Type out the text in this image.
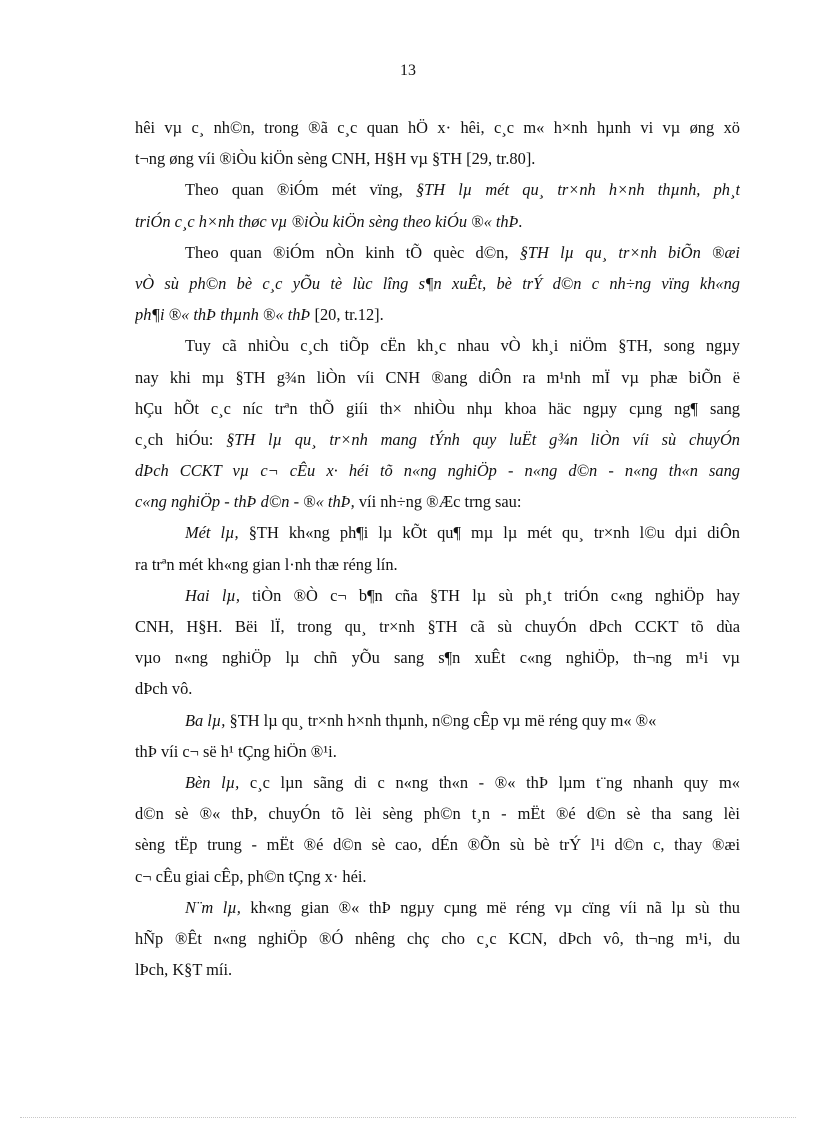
13
hêi vµ c¸ nh©n, trong ®ã c¸c quan hÖ x· hêi, c¸c m« h×nh hµnh vi vµ øng xö
t¬ng øng víi ®iÒu kiÖn sèng CNH, H§H vµ §TH [29, tr.80].
Theo quan ®iÓm mét vïng, §TH lµ mét qu¸ tr×nh h×nh thµnh, ph¸t
triÓn c¸c h×nh thøc vµ ®iÒu kiÖn sèng theo kiÓu ®« thÞ.
Theo quan ®iÓm nÒn kinh tÕ quèc d©n, §TH lµ qu¸ tr×nh biÕn ®æi
vÒ sù ph©n bè c¸c yÕu tè lùc lîng s¶n xuÊt, bè trÝ d©n c nh÷ng vïng kh«ng
ph¶i ®« thÞ thµnh ®« thÞ [20, tr.12].
Tuy cã nhiÒu c¸ch tiÕp cËn kh¸c nhau vÒ kh¸i niÖm §TH, song ngµy
nay khi mµ §TH g¾n liÒn víi CNH ®ang diÔn ra m¹nh mÏ vµ phæ biÕn ë
hÇu hÕt c¸c níc trªn thÕ giíi th× nhiÒu nhµ khoa häc ngµy cµng ng¶ sang
c¸ch hiÓu: §TH lµ qu¸ tr×nh mang tÝnh quy luËt g¾n liÒn víi sù chuyÓn
dÞch CCKT vµ c¬ cÊu x· héi tõ n«ng nghiÖp - n«ng d©n - n«ng th«n sang
c«ng nghiÖp - thÞ d©n - ®« thÞ, víi nh÷ng ®Æc trng sau:
Mét lµ, §TH kh«ng ph¶i lµ kÕt qu¶ mµ lµ mét qu¸ tr×nh l©u dµi diÔn
ra trªn mét kh«ng gian l·nh thæ réng lín.
Hai lµ, tiÒn ®Ò c¬ b¶n cña §TH lµ sù ph¸t triÓn c«ng nghiÖp hay
CNH, H§H. Bëi lÏ, trong qu¸ tr×nh §TH cã sù chuyÓn dÞch CCKT tõ dùa
vµo n«ng nghiÖp lµ chñ yÕu sang s¶n xuÊt c«ng nghiÖp, th¬ng m¹i vµ
dÞch vô.
Ba lµ, §TH lµ qu¸ tr×nh h×nh thµnh, n©ng cÊp vµ më réng quy m« ®«
thÞ víi c¬ së h¹ tÇng hiÖn ®¹i.
Bèn lµ, c¸c lµn sãng di c n«ng th«n - ®« thÞ lµm t¨ng nhanh quy m«
d©n sè ®« thÞ, chuyÓn tõ lèi sèng ph©n t¸n - mËt ®é d©n sè tha sang lèi
sèng tËp trung - mËt ®é d©n sè cao, dÉn ®Õn sù bè trÝ l¹i d©n c, thay ®æi
c¬ cÊu giai cÊp, ph©n tÇng x· héi.
N¨m lµ, kh«ng gian ®« thÞ ngµy cµng më réng vµ cïng víi nã lµ sù thu
hÑp ®Êt n«ng nghiÖp ®Ó nhêng chç cho c¸c KCN, dÞch vô, th¬ng m¹i, du
lÞch, K§T míi.
